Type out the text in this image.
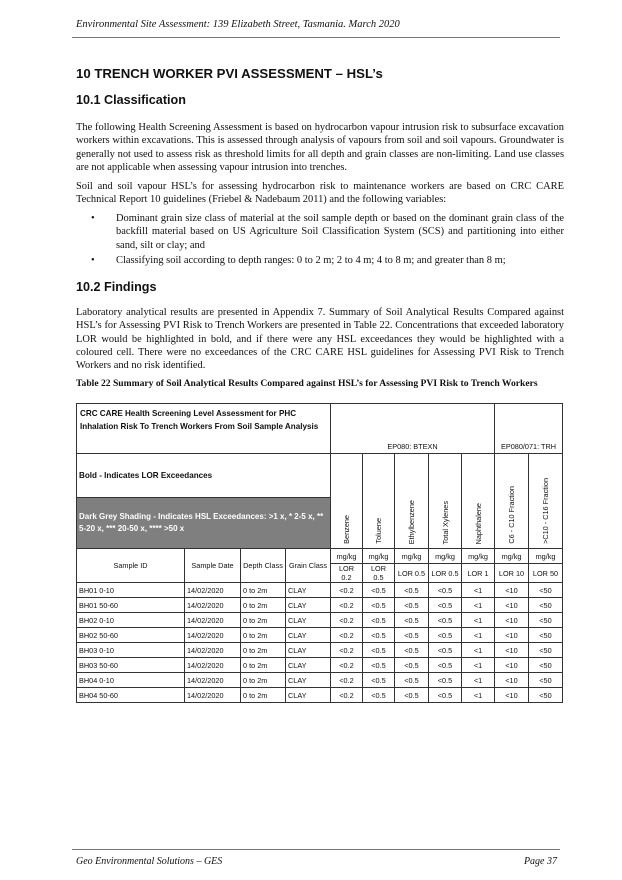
Environmental Site Assessment: 139 Elizabeth Street, Tasmania. March 2020
10 TRENCH WORKER PVI ASSESSMENT – HSL’s
10.1 Classification

The following Health Screening Assessment is based on hydrocarbon vapour intrusion risk to subsurface excavation workers within excavations. This is assessed through analysis of vapours from soil and soil vapours. Groundwater is generally not used to assess risk as threshold limits for all depth and grain classes are non-limiting. Land use classes are not applicable when assessing vapour intrusion into trenches.

Soil and soil vapour HSL’s for assessing hydrocarbon risk to maintenance workers are based on CRC CARE Technical Report 10 guidelines (Friebel & Nadebaum 2011) and the following variables:

• Dominant grain size class of material at the soil sample depth or based on the dominant grain class of the backfill material based on US Agriculture Soil Classification System (SCS) and partitioning into either sand, silt or clay; and
• Classifying soil according to depth ranges: 0 to 2 m; 2 to 4 m; 4 to 8 m; and greater than 8 m;
10.2 Findings

Laboratory analytical results are presented in Appendix 7. Summary of Soil Analytical Results Compared against HSL’s for Assessing PVI Risk to Trench Workers are presented in Table 22. Concentrations that exceeded laboratory LOR would be highlighted in bold, and if there were any HSL exceedances they would be highlighted with a coloured cell. There were no exceedances of the CRC CARE HSL guidelines for Assessing PVI Risk to Trench Workers and no risk identified.

Table 22 Summary of Soil Analytical Results Compared against HSL’s for Assessing PVI Risk to Trench Workers
CRC CARE Health Screening Level Assessment for PHC Inhalation Risk To Trench Workers From Soil Sample Analysis				EP080: BTEXN					EP080/071: TRH	
Bold - Indicates LOR Exceedances				Benzene	Toluene	Ethylbenzene	Total Xylenes	Naphthalene	C6 - C10 Fraction	>C10 - C16 Fraction
Dark Grey Shading - Indicates HSL Exceedances: >1 x, * 2-5 x, ** 5-20 x, *** 20-50 x, **** >50 x										
Sample ID	Sample Date	Depth Class	Grain Class	mg/kg	mg/kg	mg/kg	mg/kg	mg/kg	mg/kg	mg/kg
				LOR 0.2	LOR 0.5	LOR 0.5	LOR 0.5	LOR 1	LOR 10	LOR 50
BH01 0-10	14/02/2020	0 to 2m	CLAY	<0.2	<0.5	<0.5	<0.5	<1	<10	<50
BH01 50-60	14/02/2020	0 to 2m	CLAY	<0.2	<0.5	<0.5	<0.5	<1	<10	<50
BH02 0-10	14/02/2020	0 to 2m	CLAY	<0.2	<0.5	<0.5	<0.5	<1	<10	<50
BH02 50-60	14/02/2020	0 to 2m	CLAY	<0.2	<0.5	<0.5	<0.5	<1	<10	<50
BH03 0-10	14/02/2020	0 to 2m	CLAY	<0.2	<0.5	<0.5	<0.5	<1	<10	<50
BH03 50-60	14/02/2020	0 to 2m	CLAY	<0.2	<0.5	<0.5	<0.5	<1	<10	<50
BH04 0-10	14/02/2020	0 to 2m	CLAY	<0.2	<0.5	<0.5	<0.5	<1	<10	<50
BH04 50-60	14/02/2020	0 to 2m	CLAY	<0.2	<0.5	<0.5	<0.5	<1	<10	<50
Geo Environmental Solutions – GES	Page 37
